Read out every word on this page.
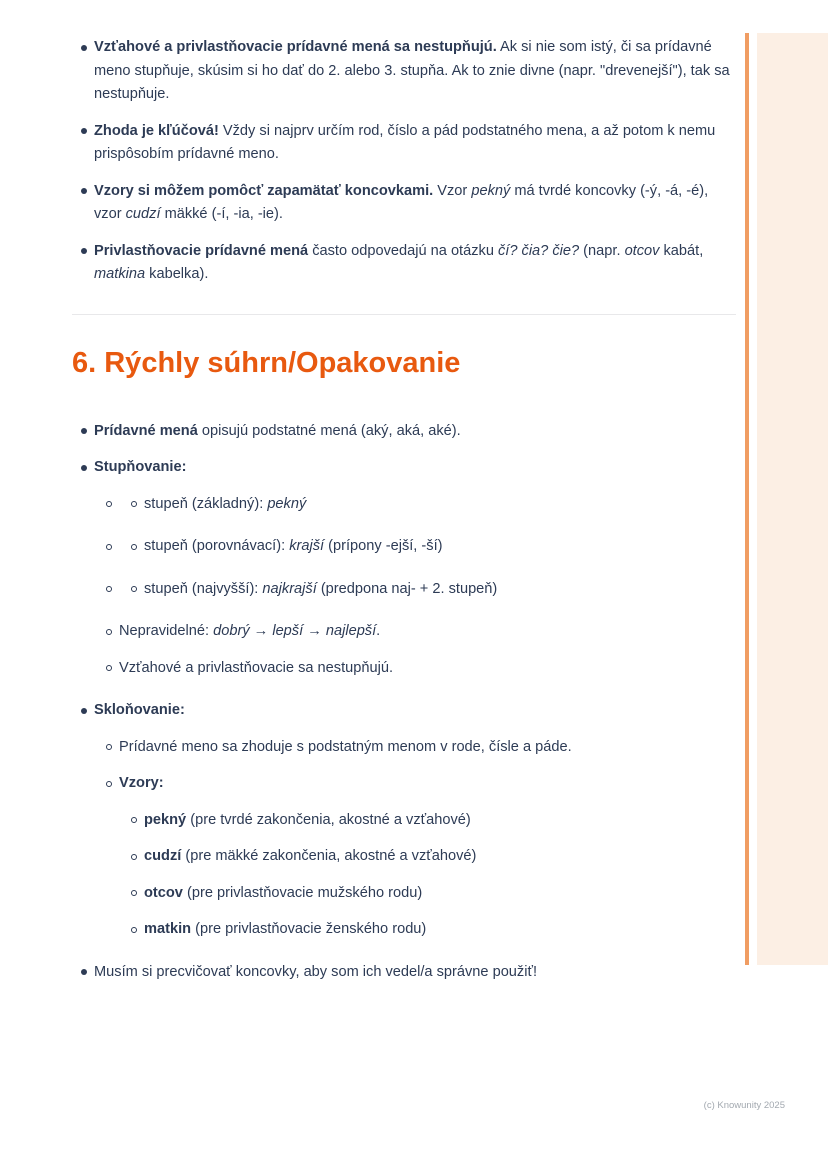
Vzťahové a privlastňovacie prídavné mená sa nestupňujú. Ak si nie som istý, či sa prídavné meno stupňuje, skúsim si ho dať do 2. alebo 3. stupňa. Ak to znie divne (napr. "drevenejší"), tak sa nestupňuje.
Zhoda je kľúčová! Vždy si najprv určím rod, číslo a pád podstatného mena, a až potom k nemu prispôsobím prídavné meno.
Vzory si môžem pomôcť zapamätať koncovkami. Vzor pekný má tvrdé koncovky (-ý, -á, -é), vzor cudzí mäkké (-í, -ia, -ie).
Privlastňovacie prídavné mená často odpovedajú na otázku čí? čia? čie? (napr. otcov kabát, matkina kabelka).
6. Rýchly súhrn/Opakovanie
Prídavné mená opisujú podstatné mená (aký, aká, aké).
Stupňovanie:
stupeň (základný): pekný
stupeň (porovnávací): krajší (prípony -ejší, -ší)
stupeň (najvyšší): najkrajší (predpona naj- + 2. stupeň)
Nepravidelné: dobrý → lepší → najlepší.
Vzťahové a privlastňovacie sa nestupňujú.
Skloňovanie:
Prídavné meno sa zhoduje s podstatným menom v rode, čísle a páde.
Vzory:
pekný (pre tvrdé zakončenia, akostné a vzťahové)
cudzí (pre mäkké zakončenia, akostné a vzťahové)
otcov (pre privlastňovacie mužského rodu)
matkin (pre privlastňovacie ženského rodu)
Musím si precvičovať koncovky, aby som ich vedel/a správne použiť!
(c) Knowunity 2025
